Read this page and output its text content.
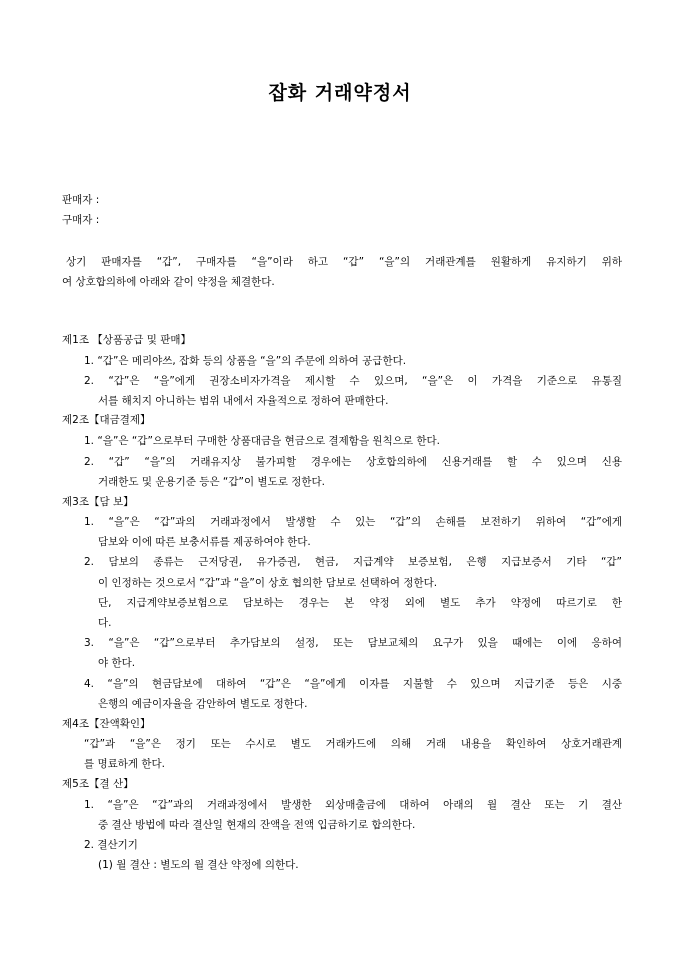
잡화 거래약정서
판매자 :
구매자 :
상기 판매자를 “갑”, 구매자를 “을”이라 하고 “갑” “을”의 거래관계를 원활하게 유지하기 위하
여 상호합의하에 아래와 같이 약정을 체결한다.
제1조 【상품공급 및 판매】
1. “갑”은 메리야쓰, 잡화 등의 상품을 “을”의 주문에 의하여 공급한다.
2. “갑”은 “을”에게 권장소비자가격을 제시할 수 있으며, “을”은 이 가격을 기준으로 유통질
서를 해치지 아니하는 범위 내에서 자율적으로 정하여 판매한다.
제2조【대금결제】
1. “을”은 “갑”으로부터 구매한 상품대금을 현금으로 결제함을 원칙으로 한다.
2. “갑” “을”의 거래유지상 불가피할 경우에는 상호합의하에 신용거래를 할 수 있으며 신용
거래한도 및 운용기준 등은 “갑”이 별도로 정한다.
제3조【담 보】
1. “을”은 “갑”과의 거래과정에서 발생할 수 있는 “갑”의 손해를 보전하기 위하여 “갑”에게
담보와 이에 따른 보충서류를 제공하여야 한다.
2. 담보의 종류는 근저당권, 유가증권, 현금, 지급계약 보증보험, 은행 지급보증서 기타 “갑”
이 인정하는 것으로서 “갑”과 “을”이 상호 협의한 담보로 선택하여 정한다.
단, 지급계약보증보험으로 담보하는 경우는 본 약정 외에 별도 추가 약정에 따르기로 한
다.
3. “을”은 “갑”으로부터 추가담보의 설정, 또는 담보교체의 요구가 있을 때에는 이에 응하여
야 한다.
4. “을”의 현금담보에 대하여 “갑”은 “을”에게 이자를 지불할 수 있으며 지급기준 등은 시중
은행의 예금이자율을 감안하여 별도로 정한다.
제4조【잔액확인】
“갑”과 “을”은 정기 또는 수시로 별도 거래카드에 의해 거래 내용을 확인하여 상호거래관계
를 명료하게 한다.
제5조【결 산】
1. “을”은 “갑”과의 거래과정에서 발생한 외상매출금에 대하여 아래의 월 결산 또는 기 결산
중 결산 방법에 따라 결산일 현재의 잔액을 전액 입금하기로 합의한다.
2. 결산기기
(1) 월 결산 : 별도의 월 결산 약정에 의한다.
